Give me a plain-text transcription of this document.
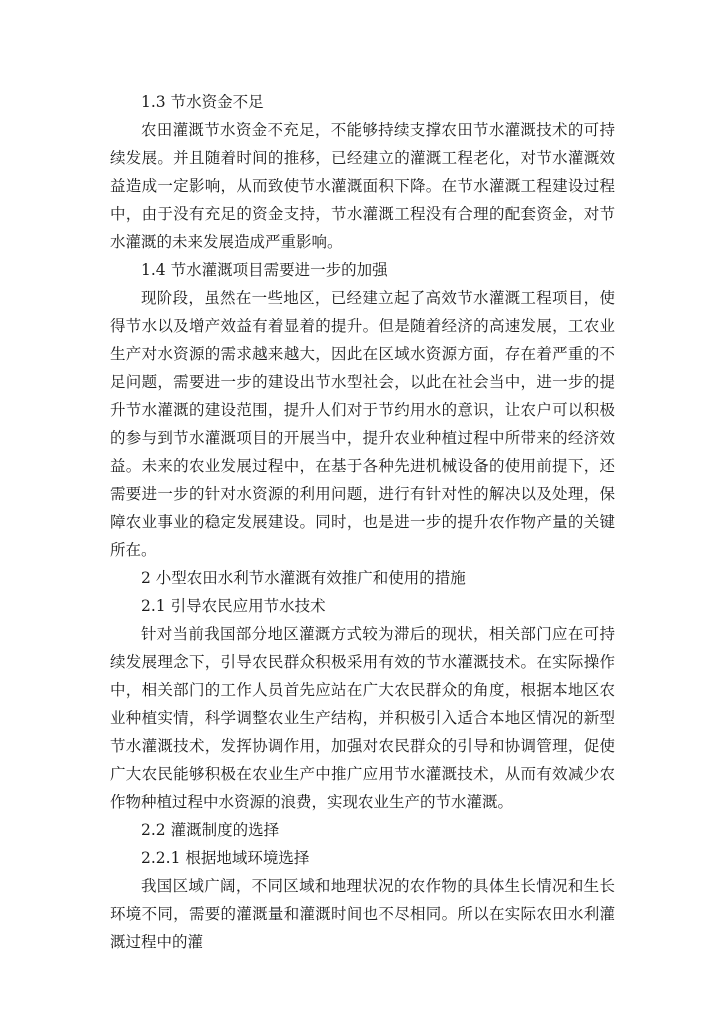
1.3 节水资金不足

农田灌溉节水资金不充足，不能够持续支撑农田节水灌溉技术的可持续发展。并且随着时间的推移，已经建立的灌溉工程老化，对节水灌溉效益造成一定影响，从而致使节水灌溉面积下降。在节水灌溉工程建设过程中，由于没有充足的资金支持，节水灌溉工程没有合理的配套资金，对节水灌溉的未来发展造成严重影响。

1.4 节水灌溉项目需要进一步的加强

现阶段，虽然在一些地区，已经建立起了高效节水灌溉工程项目，使得节水以及增产效益有着显着的提升。但是随着经济的高速发展，工农业生产对水资源的需求越来越大，因此在区域水资源方面，存在着严重的不足问题，需要进一步的建设出节水型社会，以此在社会当中，进一步的提升节水灌溉的建设范围，提升人们对于节约用水的意识，让农户可以积极的参与到节水灌溉项目的开展当中，提升农业种植过程中所带来的经济效益。未来的农业发展过程中，在基于各种先进机械设备的使用前提下，还需要进一步的针对水资源的利用问题，进行有针对性的解决以及处理，保障农业事业的稳定发展建设。同时，也是进一步的提升农作物产量的关键所在。

2 小型农田水利节水灌溉有效推广和使用的措施

2.1 引导农民应用节水技术

针对当前我国部分地区灌溉方式较为滞后的现状，相关部门应在可持续发展理念下，引导农民群众积极采用有效的节水灌溉技术。在实际操作中，相关部门的工作人员首先应站在广大农民群众的角度，根据本地区农业种植实情，科学调整农业生产结构，并积极引入适合本地区情况的新型节水灌溉技术，发挥协调作用，加强对农民群众的引导和协调管理，促使广大农民能够积极在农业生产中推广应用节水灌溉技术，从而有效减少农作物种植过程中水资源的浪费，实现农业生产的节水灌溉。

2.2 灌溉制度的选择

2.2.1 根据地域环境选择

我国区域广阔，不同区域和地理状况的农作物的具体生长情况和生长环境不同，需要的灌溉量和灌溉时间也不尽相同。所以在实际农田水利灌溉过程中的灌
